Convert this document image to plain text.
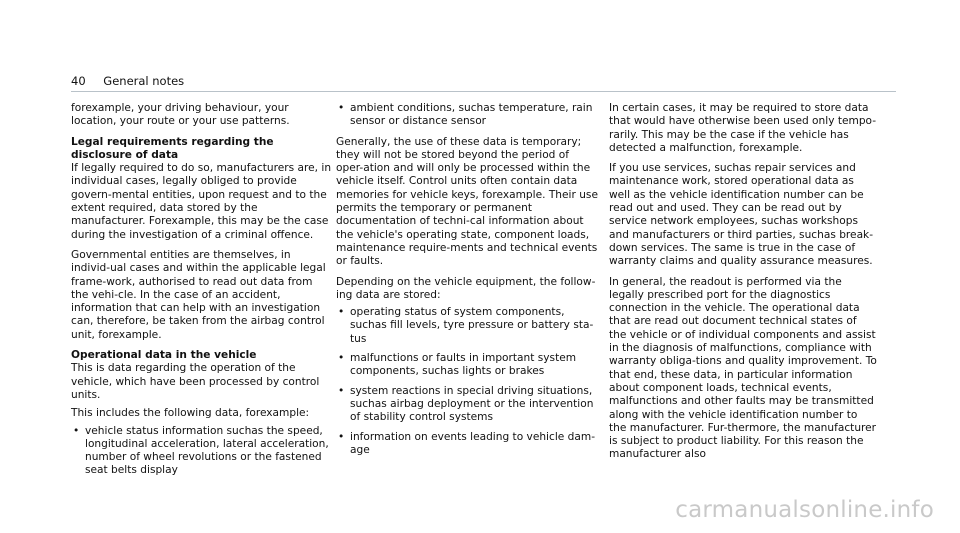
40 General notes

forexample, your driving behaviour, your location, your route or your use patterns.

Legal requirements regarding the disclosure of data

If legally required to do so, manufacturers are, in individual cases, legally obliged to provide govern-mental entities, upon request and to the extent required, data stored by the manufacturer. Forexample, this may be the case during the investigation of a criminal offence.

Governmental entities are themselves, in individ-ual cases and within the applicable legal frame-work, authorised to read out data from the vehi-cle. In the case of an accident, information that can help with an investigation can, therefore, be taken from the airbag control unit, forexample.

Operational data in the vehicle

This is data regarding the operation of the vehicle, which have been processed by control units.

This includes the following data, forexample:

• vehicle status information suchas the speed, longitudinal acceleration, lateral acceleration, number of wheel revolutions or the fastened seat belts display
• ambient conditions, suchas temperature, rain sensor or distance sensor

Generally, the use of these data is temporary; they will not be stored beyond the period of oper-ation and will only be processed within the vehicle itself. Control units often contain data memories for vehicle keys, forexample. Their use permits the temporary or permanent documentation of techni-cal information about the vehicle's operating state, component loads, maintenance require-ments and technical events or faults.

Depending on the vehicle equipment, the follow-ing data are stored:

• operating status of system components, suchas fill levels, tyre pressure or battery sta-tus
• malfunctions or faults in important system components, suchas lights or brakes
• system reactions in special driving situations, suchas airbag deployment or the intervention of stability control systems
• information on events leading to vehicle dam-age

In certain cases, it may be required to store data that would have otherwise been used only tempo-rarily. This may be the case if the vehicle has detected a malfunction, forexample.

If you use services, suchas repair services and maintenance work, stored operational data as well as the vehicle identification number can be read out and used. They can be read out by service network employees, suchas workshops and manufacturers or third parties, suchas break-down services. The same is true in the case of warranty claims and quality assurance measures.

In general, the readout is performed via the legally prescribed port for the diagnostics connection in the vehicle. The operational data that are read out document technical states of the vehicle or of individual components and assist in the diagnosis of malfunctions, compliance with warranty obliga-tions and quality improvement. To that end, these data, in particular information about component loads, technical events, malfunctions and other faults may be transmitted along with the vehicle identification number to the manufacturer. Fur-thermore, the manufacturer is subject to product liability. For this reason the manufacturer also

carmanualsonline.info
